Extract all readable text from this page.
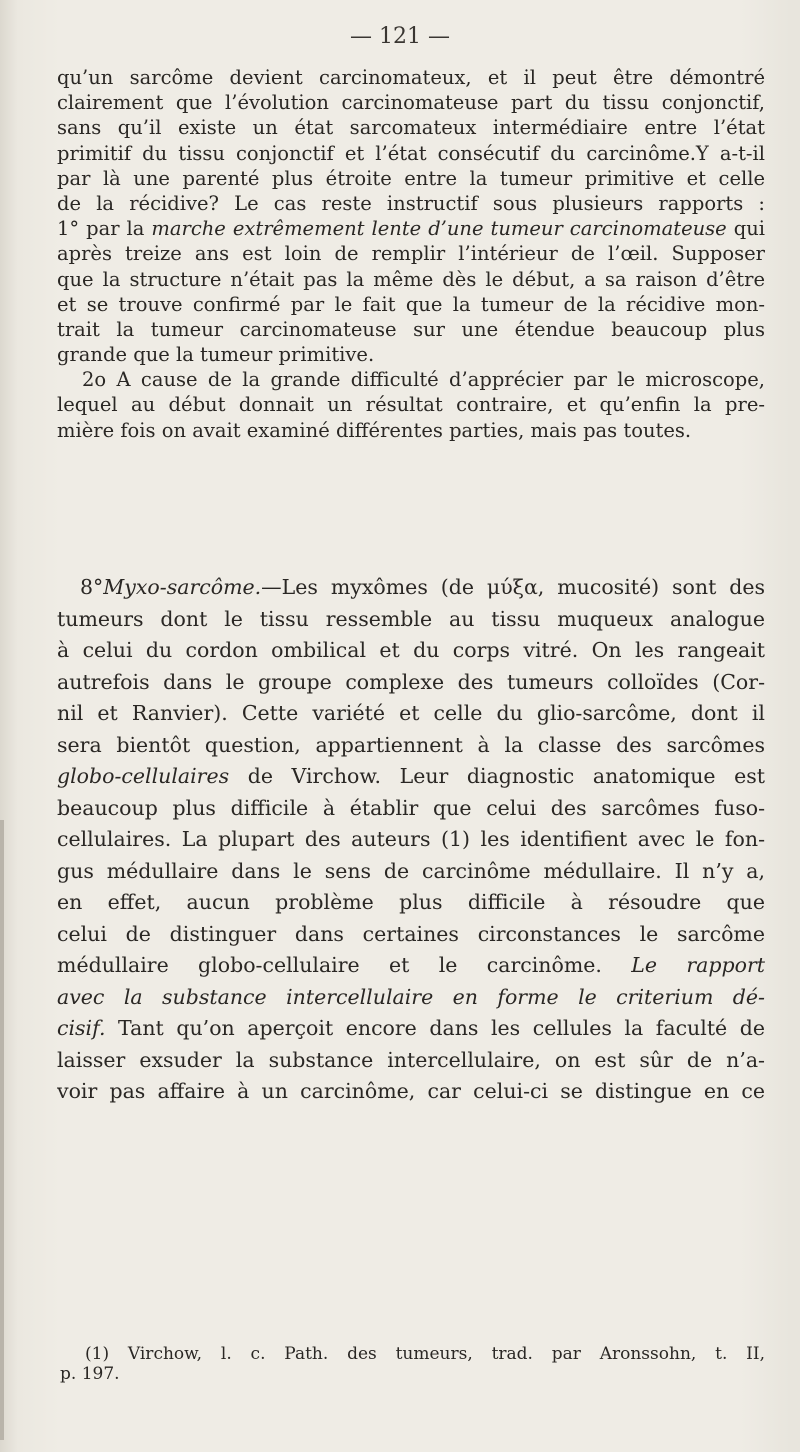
— 121 —
qu’un sarcôme devient carcinomateux, et il peut être démontré
clairement que l’évolution carcinomateuse part du tissu conjonctif,
sans qu’il existe un état sarcomateux intermédiaire entre l’état
primitif du tissu conjonctif et l’état consécutif du carcinôme.Y a-t-il
par là une parenté plus étroite entre la tumeur primitive et celle
de la récidive? Le cas reste instructif sous plusieurs rapports :
1° par la marche extrêmement lente d’une tumeur carcinomateuse qui
après treize ans est loin de remplir l’intérieur de l’œil. Supposer
que la structure n’était pas la même dès le début, a sa raison d’être
et se trouve confirmé par le fait que la tumeur de la récidive mon-
trait la tumeur carcinomateuse sur une étendue beaucoup plus
grande que la tumeur primitive.
2o A cause de la grande difficulté d’apprécier par le microscope,
lequel au début donnait un résultat contraire, et qu’enfin la pre-
mière fois on avait examiné différentes parties, mais pas toutes.
8°Myxo-sarcôme.—Les myxômes (de μύξα, mucosité) sont des
tumeurs dont le tissu ressemble au tissu muqueux analogue
à celui du cordon ombilical et du corps vitré. On les rangeait
autrefois dans le groupe complexe des tumeurs colloïdes (Cor-
nil et Ranvier). Cette variété et celle du glio-sarcôme, dont il
sera bientôt question, appartiennent à la classe des sarcômes
globo-cellulaires de Virchow. Leur diagnostic anatomique est
beaucoup plus difficile à établir que celui des sarcômes fuso-
cellulaires. La plupart des auteurs (1) les identifient avec le fon-
gus médullaire dans le sens de carcinôme médullaire. Il n’y a,
en effet, aucun problème plus difficile à résoudre que
celui de distinguer dans certaines circonstances le sarcôme
médullaire globo-cellulaire et le carcinôme. Le rapport
avec la substance intercellulaire en forme le criterium dé-
cisif. Tant qu’on aperçoit encore dans les cellules la faculté de
laisser exsuder la substance intercellulaire, on est sûr de n’a-
voir pas affaire à un carcinôme, car celui-ci se distingue en ce
(1) Virchow, l. c. Path. des tumeurs, trad. par Aronssohn, t. II,
p. 197.
